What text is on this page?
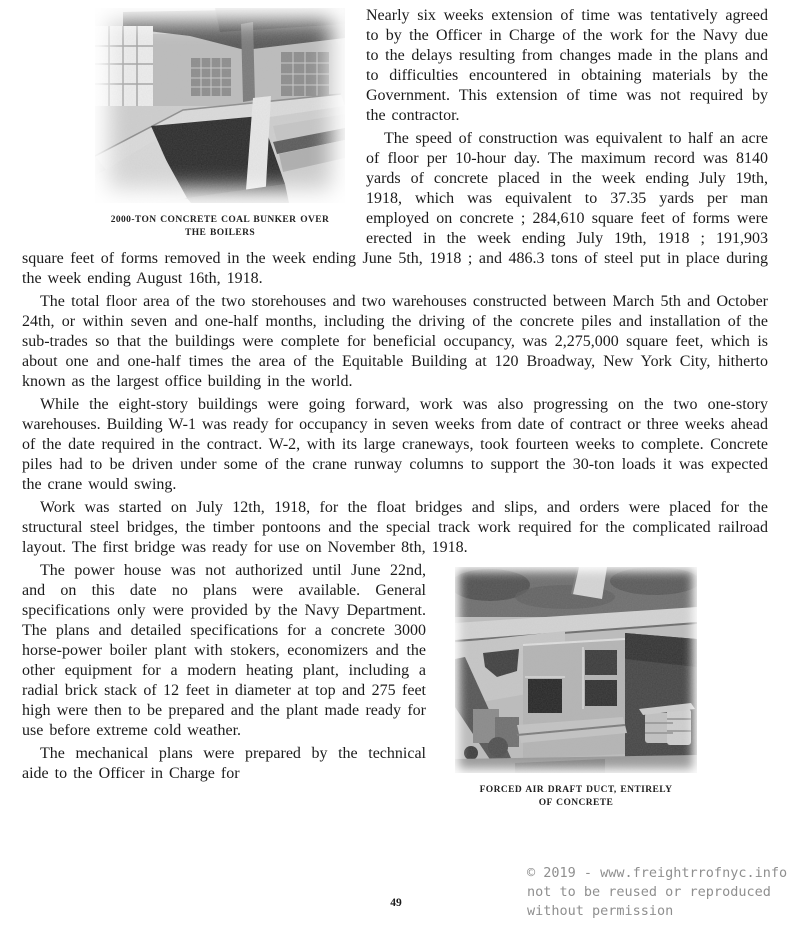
2000-TON CONCRETE COAL BUNKER OVER
THE BOILERS

Nearly six weeks extension of time was tentatively agreed to by the Officer in Charge of the work for the Navy due to the delays resulting from changes made in the plans and to difficulties encountered in obtaining materials by the Government. This extension of time was not required by the contractor.

The speed of construction was equivalent to half an acre of floor per 10-hour day. The maximum record was 8140 yards of concrete placed in the week ending July 19th, 1918, which was equivalent to 37.35 yards per man employed on concrete ; 284,610 square feet of forms were erected in the week ending July 19th, 1918 ; 191,903 square feet of forms removed in the week ending June 5th, 1918 ; and 486.3 tons of steel put in place during the week ending August 16th, 1918.

The total floor area of the two storehouses and two warehouses constructed between March 5th and October 24th, or within seven and one-half months, including the driving of the concrete piles and installation of the sub-trades so that the buildings were complete for beneficial occupancy, was 2,275,000 square feet, which is about one and one-half times the area of the Equitable Building at 120 Broadway, New York City, hitherto known as the largest office building in the world.

While the eight-story buildings were going forward, work was also progressing on the two one-story warehouses. Building W-1 was ready for occupancy in seven weeks from date of contract or three weeks ahead of the date required in the contract. W-2, with its large craneways, took fourteen weeks to complete. Concrete piles had to be driven under some of the crane runway columns to support the 30-ton loads it was expected the crane would swing.

Work was started on July 12th, 1918, for the float bridges and slips, and orders were placed for the structural steel bridges, the timber pontoons and the special track work required for the complicated railroad layout. The first bridge was ready for use on November 8th, 1918.

FORCED AIR DRAFT DUCT, ENTIRELY
OF CONCRETE

The power house was not authorized until June 22nd, and on this date no plans were available. General specifications only were provided by the Navy Department. The plans and detailed specifications for a concrete 3000 horse-power boiler plant with stokers, economizers and the other equipment for a modern heating plant, including a radial brick stack of 12 feet in diameter at top and 275 feet high were then to be prepared and the plant made ready for use before extreme cold weather.

The mechanical plans were prepared by the technical aide to the Officer in Charge for

© 2019 - www.freightrrofnyc.info
not to be reused or reproduced
without permission
49
